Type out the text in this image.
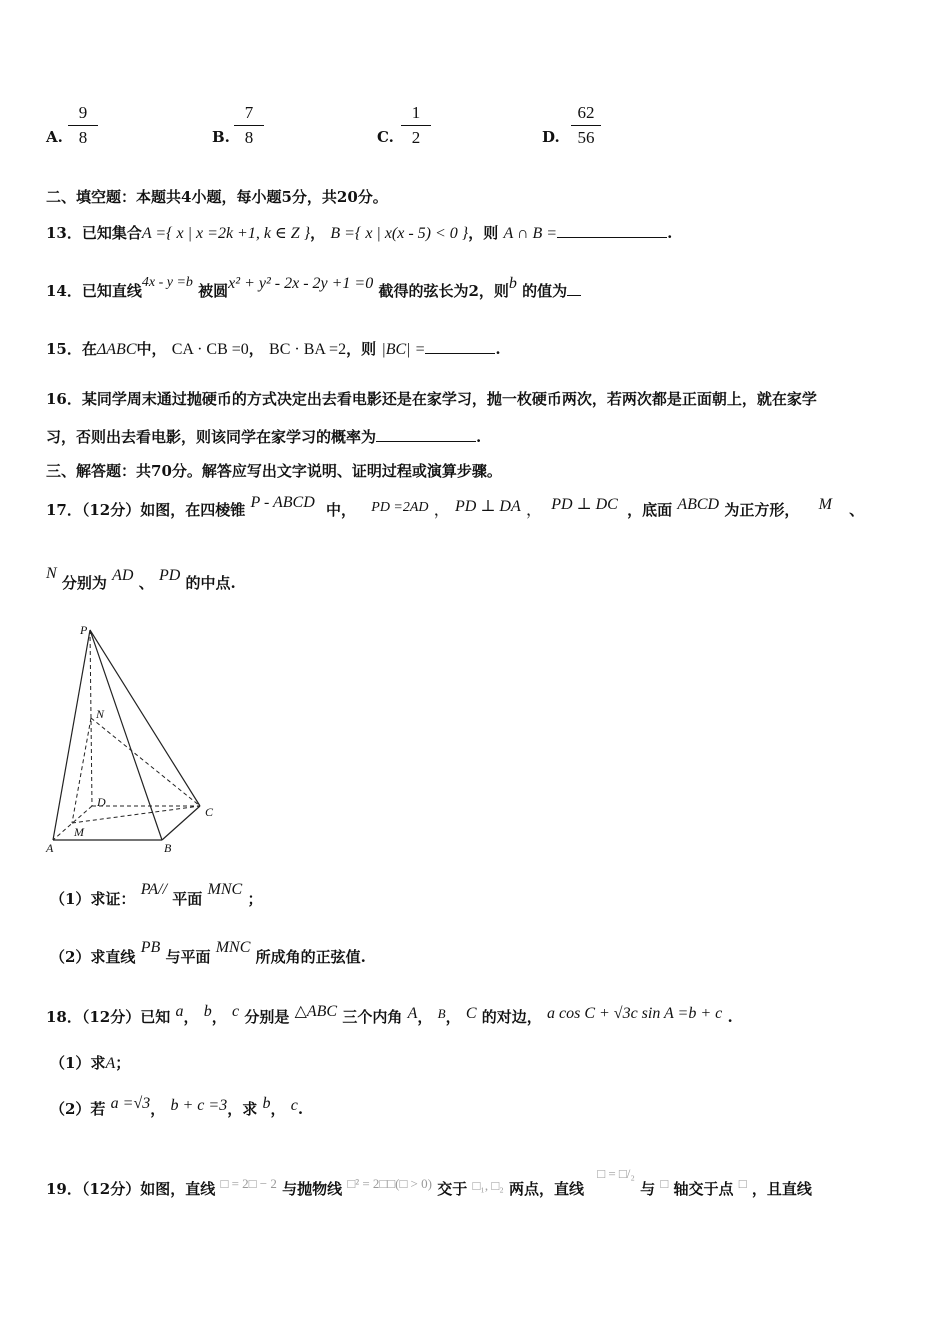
A. $\frac{9}{8}$	B. $\frac{7}{8}$	C. $\frac{1}{2}$	D. $\frac{62}{56}$
二、填空题：本题共4小题，每小题5分，共20分。
13．已知集合A ={ x | x =2k +1, k ∈ Z }， B ={ x | x(x - 5) < 0 }，则 A ∩ B =	.
14．已知直线4x - y =b 被圆x² + y² - 2x - 2y +1 =0 截得的弦长为2，则b 的值为
15．在ΔABC中， CA · CB =0， BC · BA =2，则 |BC| =	.
16．某同学周末通过抛硬币的方式决定出去看电影还是在家学习，抛一枚硬币两次，若两次都是正面朝上，就在家学
习，否则出去看电影，则该同学在家学习的概率为	.
三、解答题：共70分。解答应写出文字说明、证明过程或演算步骤。
17．（12分）如图，在四棱锥 P - ABCD 中， PD =2AD ， PD ⊥ DA ， PD ⊥ DC ，底面 ABCD 为正方形， M 、
N 分别为 AD 、 PD 的中点.
P
N
D
C
M
A	B
（1）求证： PA// 平面 MNC ；
（2）求直线 PB 与平面 MNC 所成角的正弦值.
18．（12分）已知 a， b， c 分别是 △ABC 三个内角 A， B， C 的对边， a cos C + √3c sin A =b + c .
（1）求A；
（2）若 a =√3， b + c =3，求 b， c.
19．（12分）如图，直线 □ = 2□ − 2 与抛物线 □² = 2□□(□ > 0) 交于 □₁, □₂ 两点，直线 □ = □/₂ 与 □ 轴交于点 □ ，且直线
